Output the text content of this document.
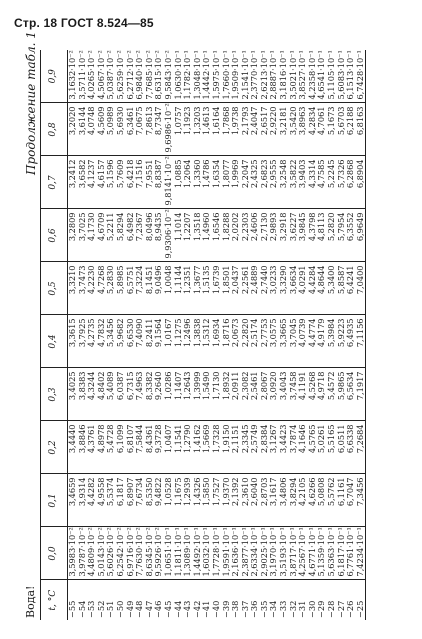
Стр. 18 ГОСТ 8.524—85
Вода!
Продолжение табл. 1
t, °C	0,0	0,1	0,2	0,3	0,4	0,5	0,6	0,7	0,8	0,9
−55	3,5983·10⁻²	3,4659	3,4440	3,4025	3,3615	3,3210	3,2809	3,2412	3,2020	3,1632·10⁻²
−54	3,9787·10⁻²	3,9314	3,8846	3,8383	3,7925	3,7473	3,7025	3,6582	3,6144	3,5711·10⁻²
−53	4,4809·10⁻²	4,4282	4,3761	4,3244	4,2735	4,2230	4,1730	4,1237	4,0748	4,0265·10⁻²
−52	5,0143·10⁻²	4,9558	4,8978	4,8402	4,7832	4,7268	4,6709	4,6157	4,5609	4,5067·10⁻²
−51	5,6026·10⁻²	5,5374	5,4728	5,4089	5,3456	5,2830	5,2211	5,1596	5,0989	5,0387·10⁻²
−50	6,2542·10⁻²	6,1817	6,1099	6,0387	5,9682	5,8985	5,8294	5,7609	5,6930	5,6259·10⁻²
−49	6,9716·10⁻²	6,8907	6,8107	6,7315	6,6530	6,5751	6,4982	6,4218	6,3461	6,2712·10⁻²
−48	7,7630·10⁻²	7,6734	7,5844	7,4963	7,4090	7,3224	7,2367	7,1516	7,0675	6,9840·10⁻²
−47	8,6345·10⁻²	8,5350	8,4361	8,3382	8,2411	8,1451	8,0496	7,9551	7,8613	7,7685·10⁻²
−46	9,5926·10⁻²	9,4822	9,3728	9,2640	9,1564	9,0496	8,9435	8,8387	8,7347	8,6315·10⁻²
−45	1,0651·10⁻¹	1,0528	1,0407	1,0286	1,0167	1,0048	9,9306·10⁻²	9,8141·10⁻²	9,6986·10⁻²	9,5843·10⁻²
−44	1,1811·10⁻¹	1,1675	1,1541	1,1407	1,1275	1,1144	1,1014	1,0885	1,0757	1,0630·10⁻¹
−43	1,3089·10⁻¹	1,2939	1,2790	1,2643	1,2496	1,2351	1,2207	1,2064	1,1923	1,1782·10⁻¹
−42	1,4492·10⁻¹	1,4326	1,4162	1,3999	1,3838	1,3677	1,3518	1,3360	1,3203	1,3048·10⁻¹
−41	1,6032·10⁻¹	1,5850	1,5669	1,5490	1,5312	1,5135	1,4960	1,4786	1,4613	1,4442·10⁻¹
−40	1,7728·10⁻¹	1,7527	1,7328	1,7130	1,6934	1,6739	1,6546	1,6354	1,6164	1,5975·10⁻¹
−39	1,9591·10⁻¹	1,9370	1,9150	1,8932	1,8716	1,8501	1,8288	1,8077	1,7868	1,7660·10⁻¹
−38	2,1636·10⁻¹	2,1392	2,1151	2,0911	2,0673	2,0437	2,0202	1,9969	1,9738	1,9509·10⁻¹
−37	2,3877·10⁻¹	2,3610	2,3345	2,3082	2,2820	2,2561	2,2303	2,2047	2,1793	2,1541·10⁻¹
−36	2,6334·10⁻¹	2,6040	2,5749	2,5461	2,5174	2,4889	2,4606	2,4325	2,4047	2,3770·10⁻¹
−35	2,9025·10⁻¹	2,8703	2,8384	2,8067	2,7753	2,7440	2,7130	2,6823	2,6517	2,6213·10⁻¹
−34	3,1970·10⁻¹	3,1617	3,1267	3,0920	3,0575	3,0233	2,9893	2,9555	2,9220	2,8887·10⁻¹
−33	3,5193·10⁻¹	3,4806	3,4423	3,4043	3,3665	3,3290	3,2918	3,2548	3,2181	3,1816·10⁻¹
−32	3,8717·10⁻¹	3,8294	3,7874	3,7458	3,7045	3,6634	3,6227	3,5822	3,5420	3,5021·10⁻¹
−31	4,2567·10⁻¹	4,2105	4,1646	4,1191	4,0739	4,0291	3,9845	3,9403	3,8963	3,8527·10⁻¹
−30	4,6771·10⁻¹	4,6266	4,5765	4,5268	4,4774	4,4284	4,3798	4,3314	4,2834	4,2358·10⁻¹
−29	5,1359·10⁻¹	5,0808	5,0261	4,9718	4,9179	4,8644	4,8113	4,7585	4,7061	4,6541·10⁻¹
−28	5,6363·10⁻¹	5,5762	5,5165	5,4572	5,3984	5,3400	5,2820	5,2245	5,1673	5,1105·10⁻¹
−27	6,1817·10⁻¹	6,1161	6,0511	5,9865	5,9223	5,8587	5,7954	5,7326	5,6703	5,6083·10⁻¹
−26	6,7761·10⁻¹	6,7047	6,6338	6,5634	6,4935	6,4241	6,3552	6,2868	6,2188	6,1513·10⁻¹
−25	7,4234·10⁻¹	7,3456	7,2684	7,1917	7,1156	7,0400	6,9649	6,8904	6,8163	6,7428·10⁻¹
